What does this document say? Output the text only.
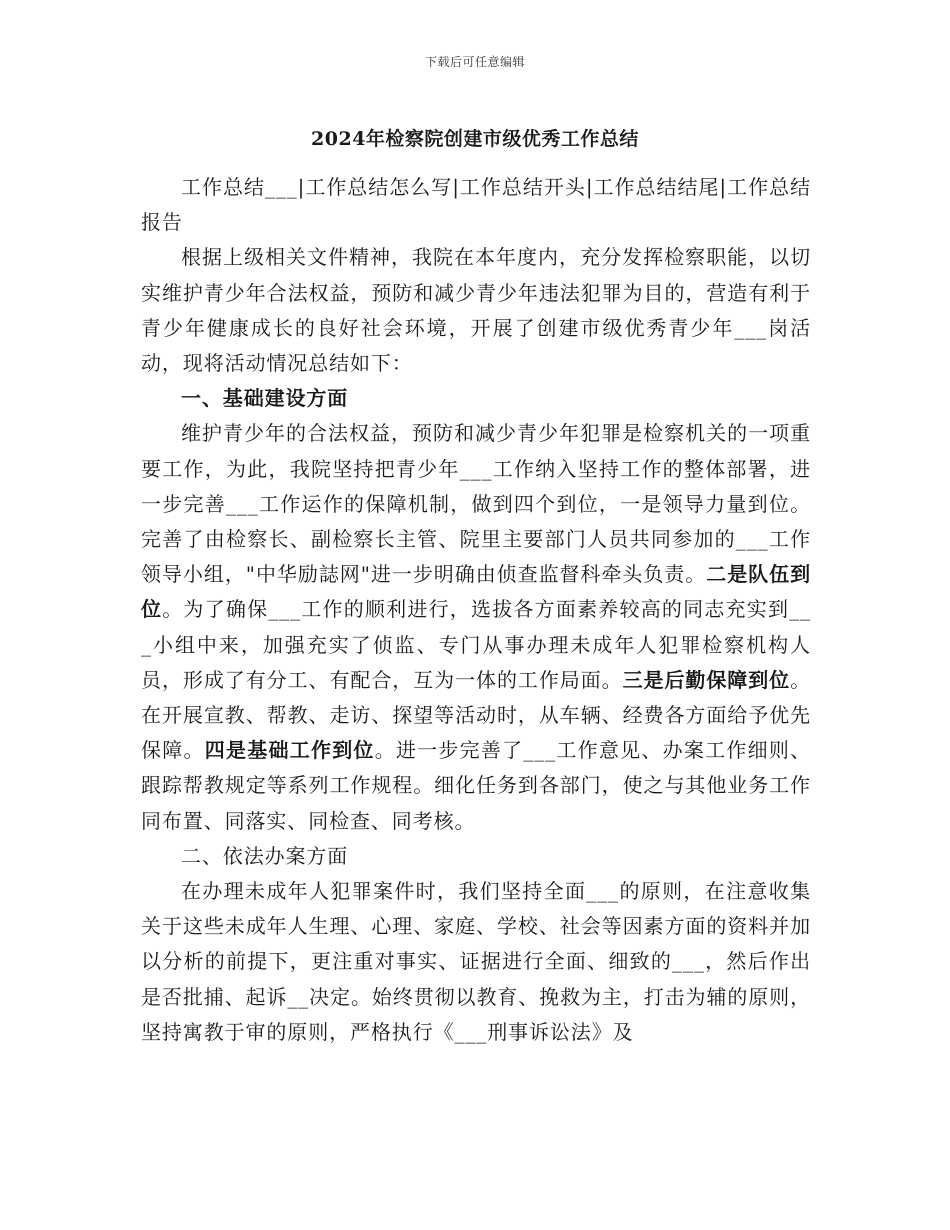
下载后可任意编辑
2024年检察院创建市级优秀工作总结

工作总结___|工作总结怎么写|工作总结开头|工作总结结尾|工作总结报告

根据上级相关文件精神，我院在本年度内，充分发挥检察职能，以切实维护青少年合法权益，预防和减少青少年违法犯罪为目的，营造有利于青少年健康成长的良好社会环境，开展了创建市级优秀青少年___岗活动，现将活动情况总结如下：

一、基础建设方面

维护青少年的合法权益，预防和减少青少年犯罪是检察机关的一项重要工作，为此，我院坚持把青少年___工作纳入坚持工作的整体部署，进一步完善___工作运作的保障机制，做到四个到位，一是领导力量到位。完善了由检察长、副检察长主管、院里主要部门人员共同参加的___工作领导小组，"中华励誌网"进一步明确由侦查监督科牵头负责。二是队伍到位。为了确保___工作的顺利进行，选拔各方面素养较高的同志充实到___小组中来，加强充实了侦监、专门从事办理未成年人犯罪检察机构人员，形成了有分工、有配合，互为一体的工作局面。三是后勤保障到位。在开展宣教、帮教、走访、探望等活动时，从车辆、经费各方面给予优先保障。四是基础工作到位。进一步完善了___工作意见、办案工作细则、跟踪帮教规定等系列工作规程。细化任务到各部门，使之与其他业务工作同布置、同落实、同检查、同考核。

二、依法办案方面

在办理未成年人犯罪案件时，我们坚持全面___的原则，在注意收集关于这些未成年人生理、心理、家庭、学校、社会等因素方面的资料并加以分析的前提下，更注重对事实、证据进行全面、细致的___，然后作出是否批捕、起诉__决定。始终贯彻以教育、挽救为主，打击为辅的原则，坚持寓教于审的原则，严格执行《___刑事诉讼法》及
